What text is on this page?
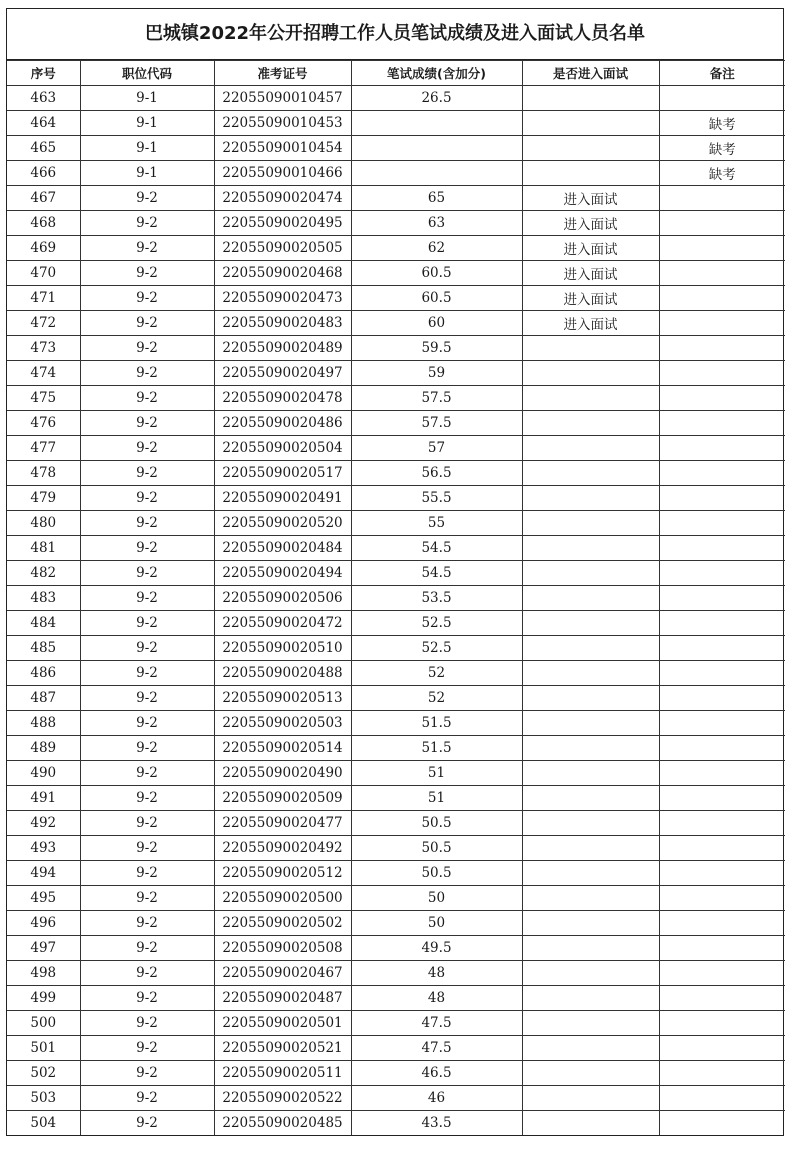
巴城镇2022年公开招聘工作人员笔试成绩及进入面试人员名单
序号	职位代码	准考证号	笔试成绩(含加分)	是否进入面试	备注
463	9-1	22055090010457	26.5		
464	9-1	22055090010453			缺考
465	9-1	22055090010454			缺考
466	9-1	22055090010466			缺考
467	9-2	22055090020474	65	进入面试	
468	9-2	22055090020495	63	进入面试	
469	9-2	22055090020505	62	进入面试	
470	9-2	22055090020468	60.5	进入面试	
471	9-2	22055090020473	60.5	进入面试	
472	9-2	22055090020483	60	进入面试	
473	9-2	22055090020489	59.5		
474	9-2	22055090020497	59		
475	9-2	22055090020478	57.5		
476	9-2	22055090020486	57.5		
477	9-2	22055090020504	57		
478	9-2	22055090020517	56.5		
479	9-2	22055090020491	55.5		
480	9-2	22055090020520	55		
481	9-2	22055090020484	54.5		
482	9-2	22055090020494	54.5		
483	9-2	22055090020506	53.5		
484	9-2	22055090020472	52.5		
485	9-2	22055090020510	52.5		
486	9-2	22055090020488	52		
487	9-2	22055090020513	52		
488	9-2	22055090020503	51.5		
489	9-2	22055090020514	51.5		
490	9-2	22055090020490	51		
491	9-2	22055090020509	51		
492	9-2	22055090020477	50.5		
493	9-2	22055090020492	50.5		
494	9-2	22055090020512	50.5		
495	9-2	22055090020500	50		
496	9-2	22055090020502	50		
497	9-2	22055090020508	49.5		
498	9-2	22055090020467	48		
499	9-2	22055090020487	48		
500	9-2	22055090020501	47.5		
501	9-2	22055090020521	47.5		
502	9-2	22055090020511	46.5		
503	9-2	22055090020522	46		
504	9-2	22055090020485	43.5		
